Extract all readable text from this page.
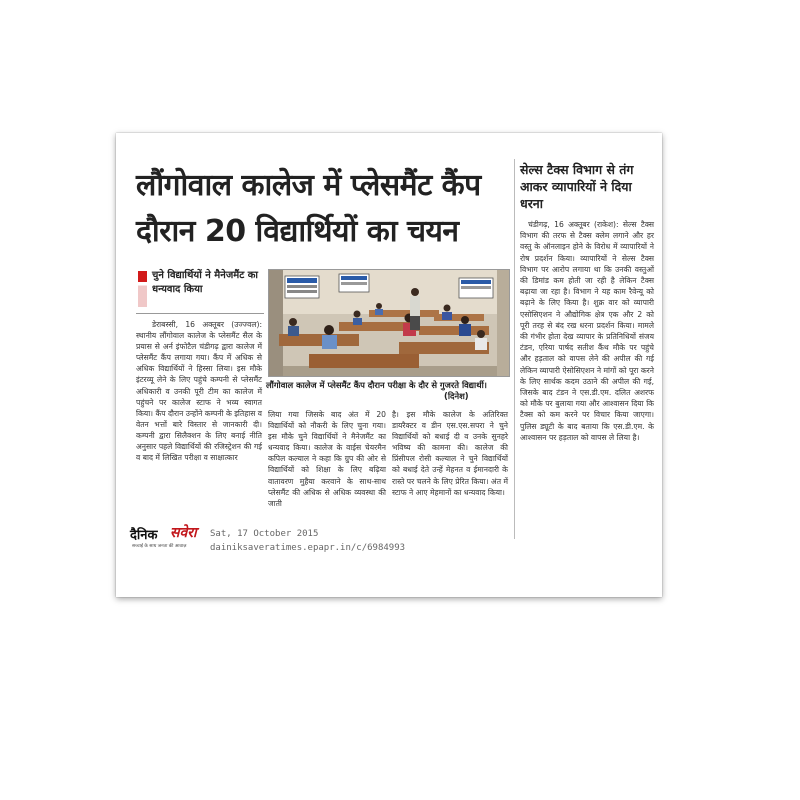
लौंगोवाल कालेज में प्लेसमैंट कैंप
दौरान 20 विद्यार्थियों का चयन
सेल्स टैक्स विभाग से तंग आकर व्यापारियों ने दिया धरना

चंडीगढ़, 16 अक्तूबर (राकेश): सेल्स टैक्स विभाग की तरफ से टैक्स क्लेम लगाने और हर वस्तु के ऑनलाइन होने के विरोध में व्यापारियों ने रोष प्रदर्शन किया। व्यापारियों ने सेल्स टैक्स विभाग पर आरोप लगाया था कि उनकी वस्तुओं की डिमांड कम होती जा रही है लेकिन टैक्स बढ़ाया जा रहा है। विभाग ने यह काम रैवेन्यू को बढ़ाने के लिए किया है। शुक्र वार को व्यापारी एसोसिएशन ने औद्योगिक क्षेत्र एक और 2 को पूरी तरह से बंद रख धरना प्रदर्शन किया। मामले की गंभीर होता देख व्यापार के प्रतिनिधियों संजय टंडन, एरिया पार्षद सतीश कैंथ मौके पर पहुंचे और हड़ताल को वापस लेने की अपील की गई लेकिन व्यापारी ऐसोसिएशन ने मांगों को पूरा करने के लिए सार्थक कदम उठाने की अपील की गई, जिसके बाद टंडन ने एस.डी.एम. दलित अशरफ को मौके पर बुलाया गया और आश्वासन दिया कि टैक्स को कम करने पर विचार किया जाएगा। पुलिस ड्यूटी के बाद बताया कि एस.डी.एम. के आश्वासन पर हड़ताल को वापस ले लिया है।

चुने विद्यार्थियों ने मैनेजमैंट का धन्यवाद किया

डेराबस्सी, 16 अक्तूबर (उज्ज्वल): स्थानीय लौंगोवाल कालेज के प्लेसमैंट सैल के प्रयास से अर्न इंफोटैल चंडीगढ़ द्वारा कालेज में प्लेसमैंट कैंप लगाया गया। कैंप में अधिक से अधिक विद्यार्थियों ने हिस्सा लिया। इस मौके इंटरव्यू लेने के लिए पहुंचे कम्पनी से प्लेसमैंट अधिकारी व उनकी पूरी टीम का कालेज में पहुंचने पर कालेज स्टाफ ने भव्य स्वागत किया। कैंप दौरान उन्होंने कम्पनी के इतिहास व वेतन भत्तों बारे विस्तार से जानकारी दी। कम्पनी द्वारा सिलैक्शन के लिए बनाई नीति अनुसार पहले विद्यार्थियों की रजिस्ट्रेशन की गई व बाद में लिखित परीक्षा व साक्षात्कार

लौंगोवाल कालेज में प्लेसमैंट कैंप दौरान परीक्षा के दौर से गुजरते विद्यार्थी।
(दिनेश)

लिया गया जिसके बाद अंत में 20 विद्यार्थियों को नौकरी के लिए चुना गया। इस मौके चुने विद्यार्थियों ने मैनेजमैंट का धन्यवाद किया। कालेज के वाईस चेयरमैन कपिल कल्याल ने कहा कि ग्रुप की ओर से विद्यार्थियों को शिक्षा के लिए बढ़िया वातावरण मुहैया करवाने के साथ-साथ प्लेसमैंट की अधिक से अधिक व्यवस्था की जाती

है। इस मौके कालेज के अतिरिक्त डायरैक्टर व डीन एस.एस.सपरा ने चुने विद्यार्थियों को बधाई दी व उनके सुनहरे भविष्य की कामना की। कालेज की प्रिंसीपल रोसी कल्याल ने चुने विद्यार्थियों को बधाई देते उन्हें मेहनत व ईमानदारी के रास्ते पर चलने के लिए प्रेरित किया। अंत में स्टाफ ने आए मेहमानों का धन्यवाद किया।

दैनिक सवेरा
सच्चाई के साथ जनता की आवाज़
Sat, 17 October 2015
dainiksaveratimes.epapr.in/c/6984993
